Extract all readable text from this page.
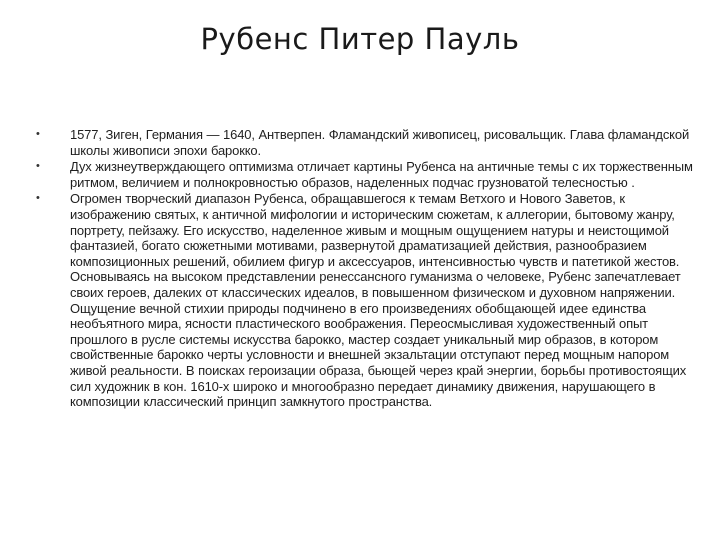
Рубенс Питер Пауль
•	1577, Зиген, Германия — 1640, Антверпен. Фламандский живописец, рисовальщик. Глава фламандской школы живописи эпохи барокко.
•	Дух жизнеутверждающего оптимизма отличает картины Рубенса на античные темы с их торжественным ритмом, величием и полнокровностью образов, наделенных подчас грузноватой телесностью .
•	Огромен творческий диапазон Рубенса, обращавшегося к темам Ветхого и Нового Заветов, к изображению святых, к античной мифологии и историческим сюжетам, к аллегории, бытовому жанру, портрету, пейзажу. Его искусство, наделенное живым и мощным ощущением натуры и неистощимой фантазией, богато сюжетными мотивами, развернутой драматизацией действия, разнообразием композиционных решений, обилием фигур и аксессуаров, интенсивностью чувств и патетикой жестов. Основываясь на высоком представлении ренессансного гуманизма о человеке, Рубенс запечатлевает своих героев, далеких от классических идеалов, в повышенном физическом и духовном напряжении. Ощущение вечной стихии природы подчинено в его произведениях обобщающей идее единства необъятного мира, ясности пластического воображения. Переосмысливая художественный опыт прошлого в русле системы искусства барокко, мастер создает уникальный мир образов, в котором свойственные барокко черты условности и внешней экзальтации отступают перед мощным напором живой реальности. В поисках героизации образа, бьющей через край энергии, борьбы противостоящих сил художник в кон. 1610-х широко и многообразно передает динамику движения, нарушающего в композиции классический принцип замкнутого пространства.
